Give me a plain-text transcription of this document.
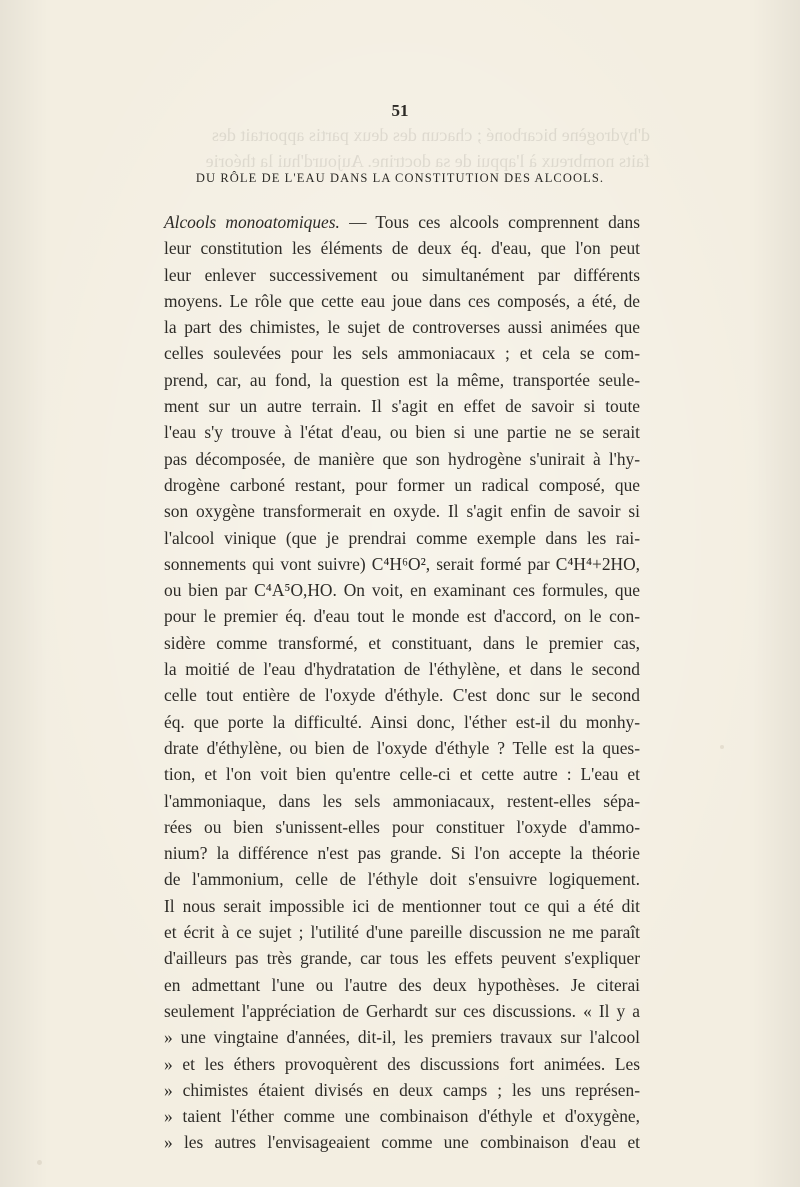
d'hydrogène bicarboné ; chacun des deux partis apportait des
faits nombreux à l'appui de sa doctrine. Aujourd'hui la théorie
51
DU RÔLE DE L'EAU DANS LA CONSTITUTION DES ALCOOLS.
Alcools monoatomiques. — Tous ces alcools comprennent dans
leur constitution les éléments de deux éq. d'eau, que l'on peut
leur enlever successivement ou simultanément par différents
moyens. Le rôle que cette eau joue dans ces composés, a été, de
la part des chimistes, le sujet de controverses aussi animées que
celles soulevées pour les sels ammoniacaux ; et cela se com-
prend, car, au fond, la question est la même, transportée seule-
ment sur un autre terrain. Il s'agit en effet de savoir si toute
l'eau s'y trouve à l'état d'eau, ou bien si une partie ne se serait
pas décomposée, de manière que son hydrogène s'unirait à l'hy-
drogène carboné restant, pour former un radical composé, que
son oxygène transformerait en oxyde. Il s'agit enfin de savoir si
l'alcool vinique (que je prendrai comme exemple dans les rai-
sonnements qui vont suivre) C⁴H⁶O², serait formé par C⁴H⁴+2HO,
ou bien par C⁴A⁵O,HO. On voit, en examinant ces formules, que
pour le premier éq. d'eau tout le monde est d'accord, on le con-
sidère comme transformé, et constituant, dans le premier cas,
la moitié de l'eau d'hydratation de l'éthylène, et dans le second
celle tout entière de l'oxyde d'éthyle. C'est donc sur le second
éq. que porte la difficulté. Ainsi donc, l'éther est-il du monhy-
drate d'éthylène, ou bien de l'oxyde d'éthyle ? Telle est la ques-
tion, et l'on voit bien qu'entre celle-ci et cette autre : L'eau et
l'ammoniaque, dans les sels ammoniacaux, restent-elles sépa-
rées ou bien s'unissent-elles pour constituer l'oxyde d'ammo-
nium? la différence n'est pas grande. Si l'on accepte la théorie
de l'ammonium, celle de l'éthyle doit s'ensuivre logiquement.
Il nous serait impossible ici de mentionner tout ce qui a été dit
et écrit à ce sujet ; l'utilité d'une pareille discussion ne me paraît
d'ailleurs pas très grande, car tous les effets peuvent s'expliquer
en admettant l'une ou l'autre des deux hypothèses. Je citerai
seulement l'appréciation de Gerhardt sur ces discussions. « Il y a
» une vingtaine d'années, dit-il, les premiers travaux sur l'alcool
» et les éthers provoquèrent des discussions fort animées. Les
» chimistes étaient divisés en deux camps ; les uns représen-
» taient l'éther comme une combinaison d'éthyle et d'oxygène,
» les autres l'envisageaient comme une combinaison d'eau et
